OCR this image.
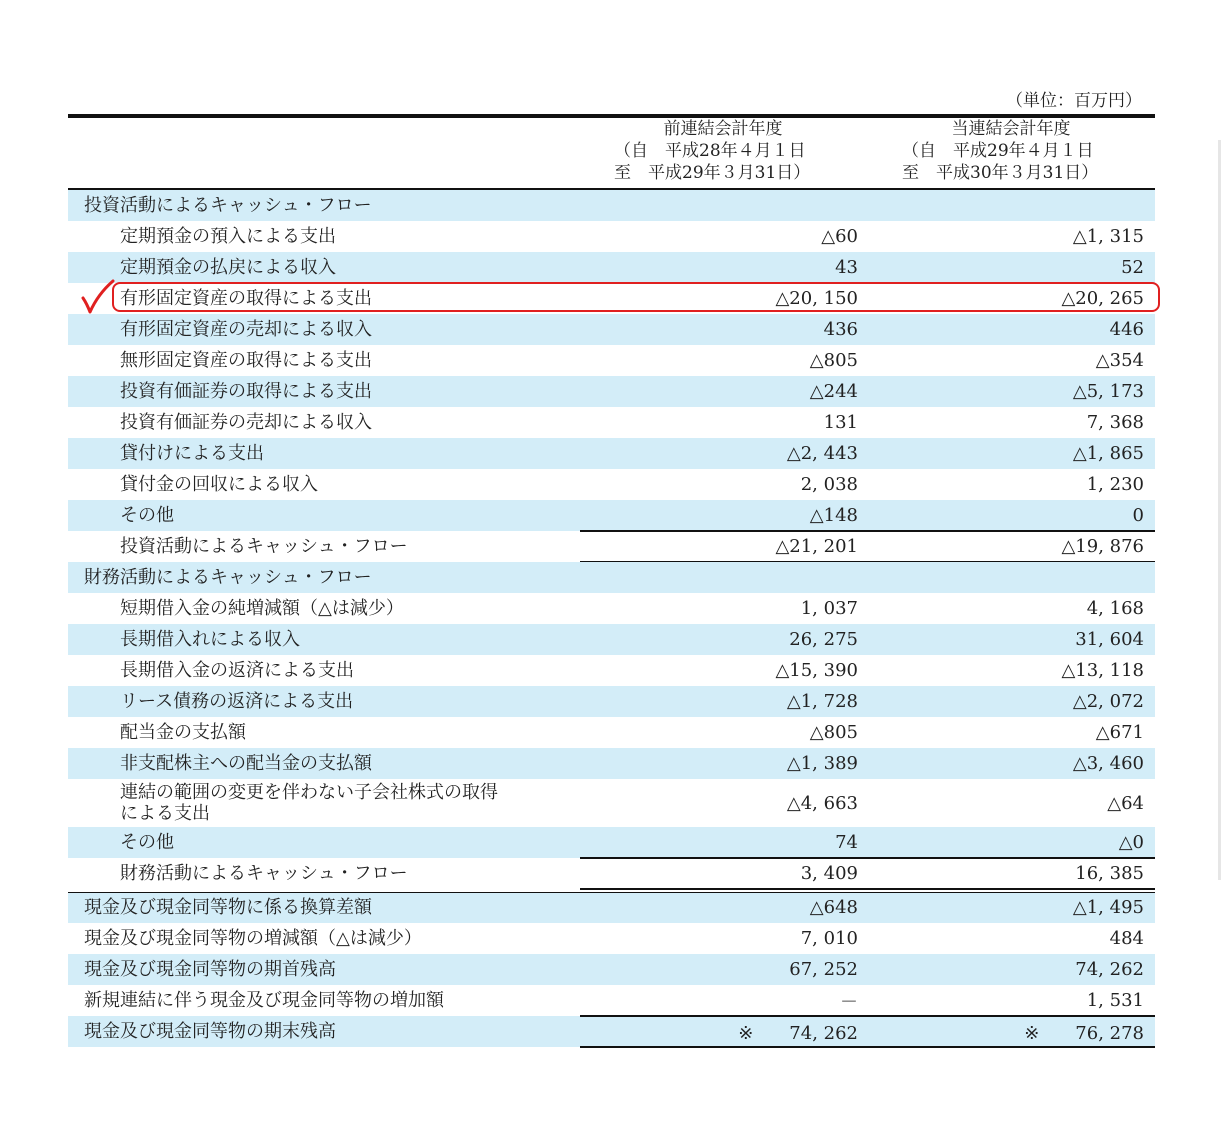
（単位：百万円）
前連結会計年度
（自　平成28年４月１日
至　平成29年３月31日）
当連結会計年度
（自　平成29年４月１日
至　平成30年３月31日）
投資活動によるキャッシュ・フロー
定期預金の預入による支出	△60	△1, 315
定期預金の払戻による収入	43	52
有形固定資産の取得による支出	△20, 150	△20, 265
有形固定資産の売却による収入	436	446
無形固定資産の取得による支出	△805	△354
投資有価証券の取得による支出	△244	△5, 173
投資有価証券の売却による収入	131	7, 368
貸付けによる支出	△2, 443	△1, 865
貸付金の回収による収入	2, 038	1, 230
その他	△148	0
投資活動によるキャッシュ・フロー	△21, 201	△19, 876
財務活動によるキャッシュ・フロー
短期借入金の純増減額（△は減少）	1, 037	4, 168
長期借入れによる収入	26, 275	31, 604
長期借入金の返済による支出	△15, 390	△13, 118
リース債務の返済による支出	△1, 728	△2, 072
配当金の支払額	△805	△671
非支配株主への配当金の支払額	△1, 389	△3, 460
連結の範囲の変更を伴わない子会社株式の取得
による支出	△4, 663	△64
その他	74	△0
財務活動によるキャッシュ・フロー	3, 409	16, 385
現金及び現金同等物に係る換算差額	△648	△1, 495
現金及び現金同等物の増減額（△は減少）	7, 010	484
現金及び現金同等物の期首残高	67, 252	74, 262
新規連結に伴う現金及び現金同等物の増加額	－	1, 531
現金及び現金同等物の期末残高	※　　74, 262	※　　76, 278
